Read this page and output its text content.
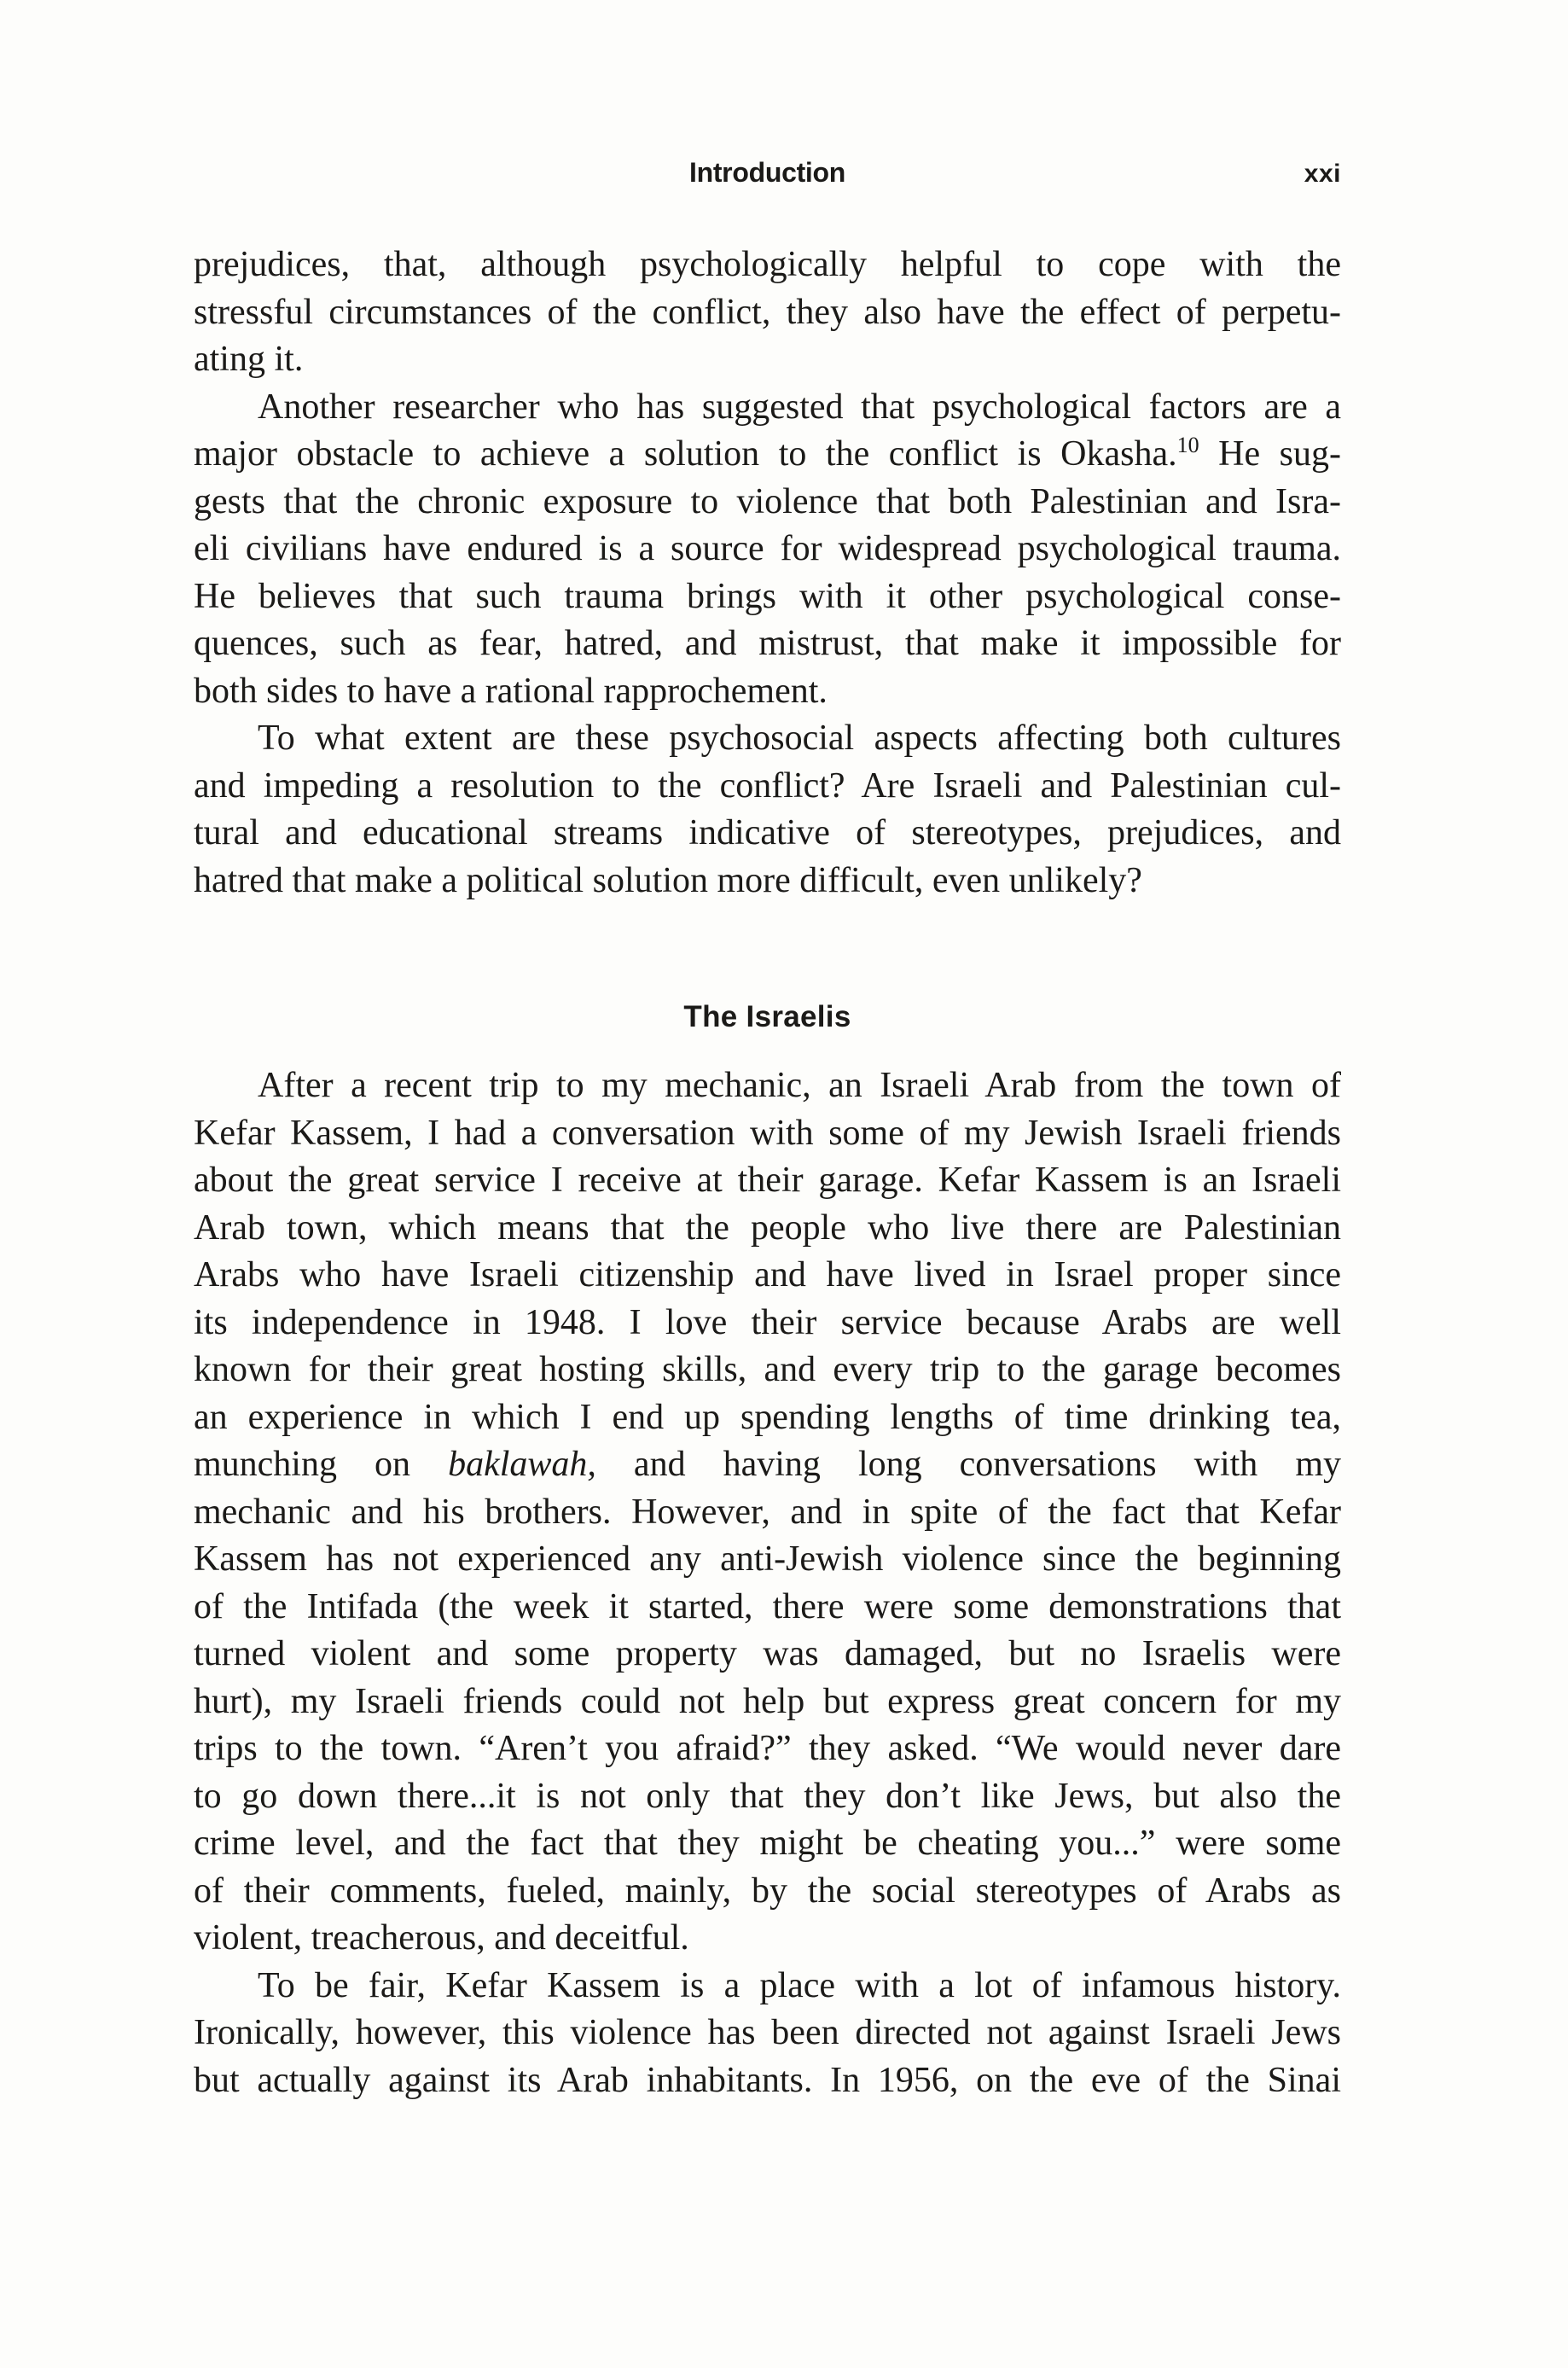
Introduction	xxi
prejudices, that, although psychologically helpful to cope with the
stressful circumstances of the conflict, they also have the effect of perpetu-
ating it.
Another researcher who has suggested that psychological factors are a
major obstacle to achieve a solution to the conflict is Okasha.$^{10}$ He sug-
gests that the chronic exposure to violence that both Palestinian and Isra-
eli civilians have endured is a source for widespread psychological trauma.
He believes that such trauma brings with it other psychological conse-
quences, such as fear, hatred, and mistrust, that make it impossible for
both sides to have a rational rapprochement.
To what extent are these psychosocial aspects affecting both cultures
and impeding a resolution to the conflict? Are Israeli and Palestinian cul-
tural and educational streams indicative of stereotypes, prejudices, and
hatred that make a political solution more difficult, even unlikely?
The Israelis
After a recent trip to my mechanic, an Israeli Arab from the town of
Kefar Kassem, I had a conversation with some of my Jewish Israeli friends
about the great service I receive at their garage. Kefar Kassem is an Israeli
Arab town, which means that the people who live there are Palestinian
Arabs who have Israeli citizenship and have lived in Israel proper since
its independence in 1948. I love their service because Arabs are well
known for their great hosting skills, and every trip to the garage becomes
an experience in which I end up spending lengths of time drinking tea,
munching on baklawah, and having long conversations with my
mechanic and his brothers. However, and in spite of the fact that Kefar
Kassem has not experienced any anti-Jewish violence since the beginning
of the Intifada (the week it started, there were some demonstrations that
turned violent and some property was damaged, but no Israelis were
hurt), my Israeli friends could not help but express great concern for my
trips to the town. “Aren’t you afraid?” they asked. “We would never dare
to go down there...it is not only that they don’t like Jews, but also the
crime level, and the fact that they might be cheating you...” were some
of their comments, fueled, mainly, by the social stereotypes of Arabs as
violent, treacherous, and deceitful.
To be fair, Kefar Kassem is a place with a lot of infamous history.
Ironically, however, this violence has been directed not against Israeli Jews
but actually against its Arab inhabitants. In 1956, on the eve of the Sinai
